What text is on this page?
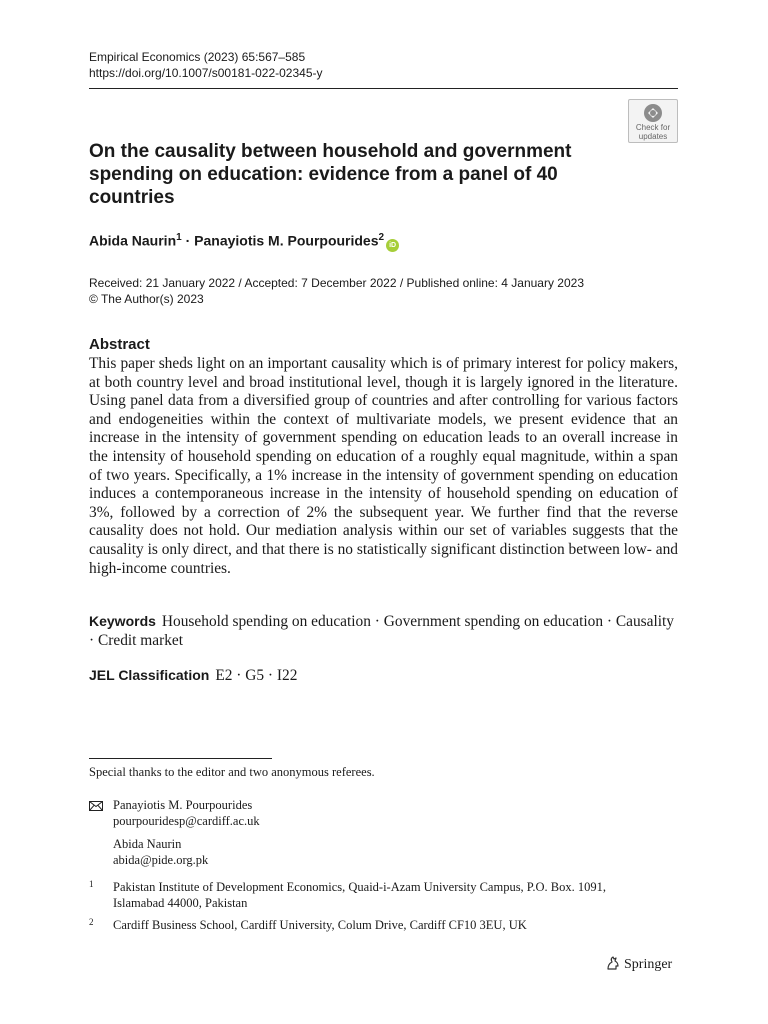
Empirical Economics (2023) 65:567–585
https://doi.org/10.1007/s00181-022-02345-y
Check for
updates
On the causality between household and government spending on education: evidence from a panel of 40 countries
Abida Naurin$^1$ · Panayiotis M. Pourpourides$^2$iD
Received: 21 January 2022 / Accepted: 7 December 2022 / Published online: 4 January 2023
© The Author(s) 2023
Abstract
This paper sheds light on an important causality which is of primary interest for policy makers, at both country level and broad institutional level, though it is largely ignored in the literature. Using panel data from a diversified group of countries and after controlling for various factors and endogeneities within the context of multivariate models, we present evidence that an increase in the intensity of government spending on education leads to an overall increase in the intensity of household spending on education of a roughly equal magnitude, within a span of two years. Specifically, a 1% increase in the intensity of government spending on education induces a contemporaneous increase in the intensity of household spending on education of 3%, followed by a correction of 2% the subsequent year. We further find that the reverse causality does not hold. Our mediation analysis within our set of variables suggests that the causality is only direct, and that there is no statistically significant distinction between low- and high-income countries.
Keywords Household spending on education · Government spending on education · Causality · Credit market
JEL Classification E2 · G5 · I22
Special thanks to the editor and two anonymous referees.
Panayiotis M. Pourpourides
pourpouridesp@cardiff.ac.uk
Abida Naurin
abida@pide.org.pk
1 Pakistan Institute of Development Economics, Quaid-i-Azam University Campus, P.O. Box. 1091, Islamabad 44000, Pakistan
2 Cardiff Business School, Cardiff University, Colum Drive, Cardiff CF10 3EU, UK
Springer
